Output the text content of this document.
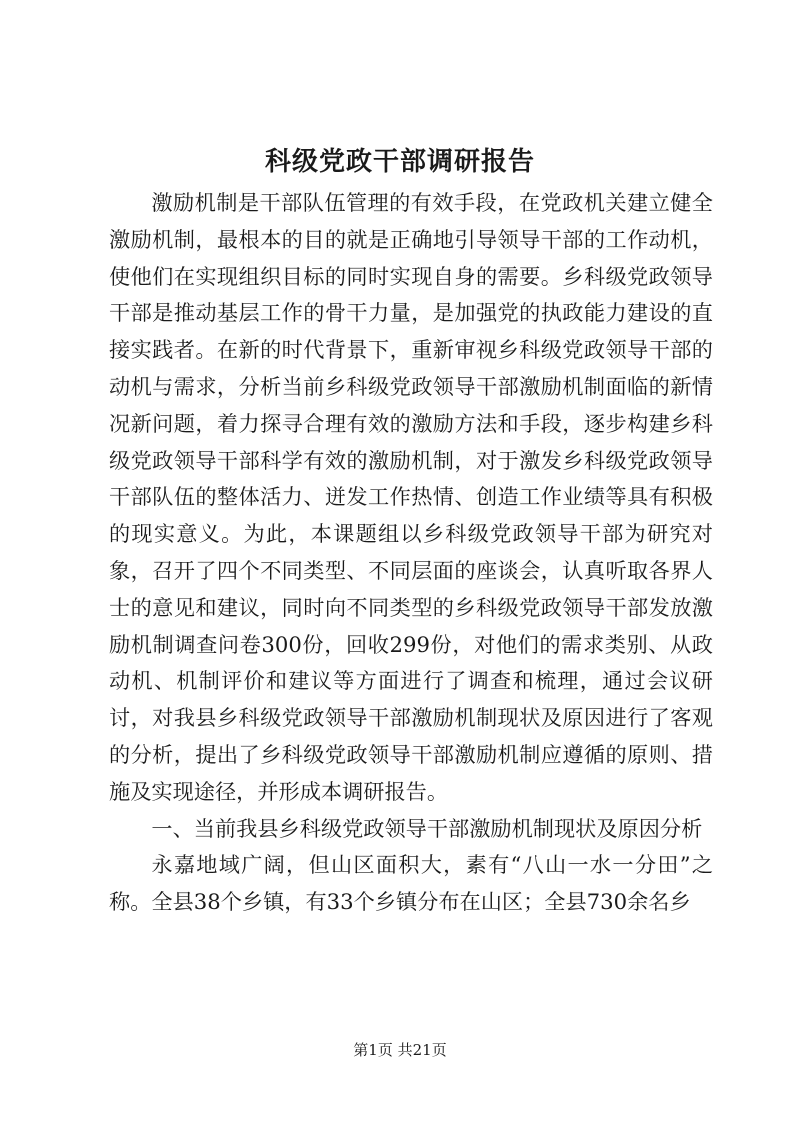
科级党政干部调研报告

激励机制是干部队伍管理的有效手段，在党政机关建立健全激励机制，最根本的目的就是正确地引导领导干部的工作动机，使他们在实现组织目标的同时实现自身的需要。乡科级党政领导干部是推动基层工作的骨干力量，是加强党的执政能力建设的直接实践者。在新的时代背景下，重新审视乡科级党政领导干部的动机与需求，分析当前乡科级党政领导干部激励机制面临的新情况新问题，着力探寻合理有效的激励方法和手段，逐步构建乡科级党政领导干部科学有效的激励机制，对于激发乡科级党政领导干部队伍的整体活力、迸发工作热情、创造工作业绩等具有积极的现实意义。为此，本课题组以乡科级党政领导干部为研究对象，召开了四个不同类型、不同层面的座谈会，认真听取各界人士的意见和建议，同时向不同类型的乡科级党政领导干部发放激励机制调查问卷300份，回收299份，对他们的需求类别、从政动机、机制评价和建议等方面进行了调查和梳理，通过会议研讨，对我县乡科级党政领导干部激励机制现状及原因进行了客观的分析，提出了乡科级党政领导干部激励机制应遵循的原则、措施及实现途径，并形成本调研报告。

一、当前我县乡科级党政领导干部激励机制现状及原因分析

永嘉地域广阔，但山区面积大，素有“八山一水一分田”之称。全县38个乡镇，有33个乡镇分布在山区；全县730余名乡

第1页 共21页
